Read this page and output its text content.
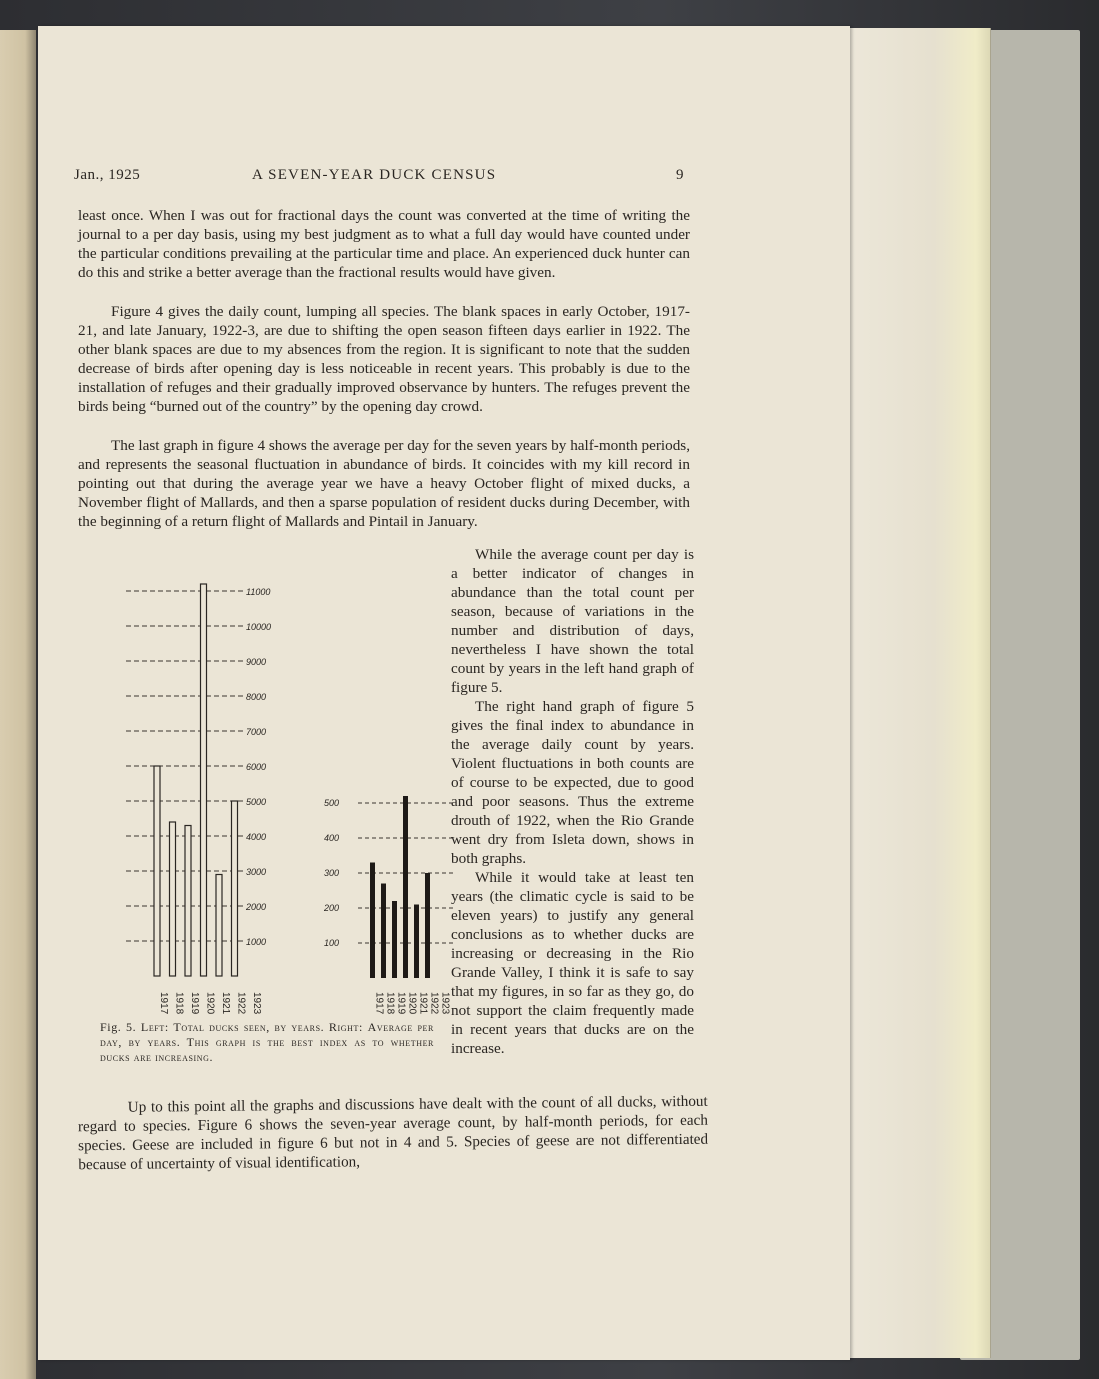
Jan., 1925	A SEVEN-YEAR DUCK CENSUS	9

least once. When I was out for fractional days the count was converted at the time of writing the journal to a per day basis, using my best judgment as to what a full day would have counted under the particular conditions prevailing at the particular time and place. An experienced duck hunter can do this and strike a better average than the fractional results would have given.

Figure 4 gives the daily count, lumping all species. The blank spaces in early October, 1917-21, and late January, 1922-3, are due to shifting the open season fifteen days earlier in 1922. The other blank spaces are due to my absences from the region. It is significant to note that the sudden decrease of birds after opening day is less noticeable in recent years. This probably is due to the installation of refuges and their gradually improved observance by hunters. The refuges prevent the birds being “burned out of the country” by the opening day crowd.

The last graph in figure 4 shows the average per day for the seven years by half-month periods, and represents the seasonal fluctuation in abundance of birds. It coincides with my kill record in pointing out that during the average year we have a heavy October flight of mixed ducks, a November flight of Mallards, and then a sparse population of resident ducks during December, with the beginning of a return flight of Mallards and Pintail in January.

While the average count per day is a better indicator of changes in abundance than the total count per season, because of variations in the number and distribution of days, nevertheless I have shown the total count by years in the left hand graph of figure 5.

The right hand graph of figure 5 gives the final index to abundance in the average daily count by years. Violent fluctuations in both counts are of course to be expected, due to good and poor seasons. Thus the extreme drouth of 1922, when the Rio Grande went dry from Isleta down, shows in both graphs.

While it would take at least ten years (the climatic cycle is said to be eleven years) to justify any general conclusions as to whether ducks are increasing or decreasing in the Rio Grande Valley, I think it is safe to say that my figures, in so far as they go, do not support the claim frequently made in recent years that ducks are on the increase.

11000
10000
9000
8000
7000
6000
5000
4000
3000
2000
1000
1917 1918 1919 1920 1921 1922 1923
500
400
300
200
100
1917 1918 1919 1920 1921 1922 1923
Fig. 5. Left: Total ducks seen, by years. Right: Average per day, by years. This graph is the best index as to whether ducks are increasing.

Up to this point all the graphs and discussions have dealt with the count of all ducks, without regard to species. Figure 6 shows the seven-year average count, by half-month periods, for each species. Geese are included in figure 6 but not in 4 and 5. Species of geese are not differentiated because of uncertainty of visual identification,
